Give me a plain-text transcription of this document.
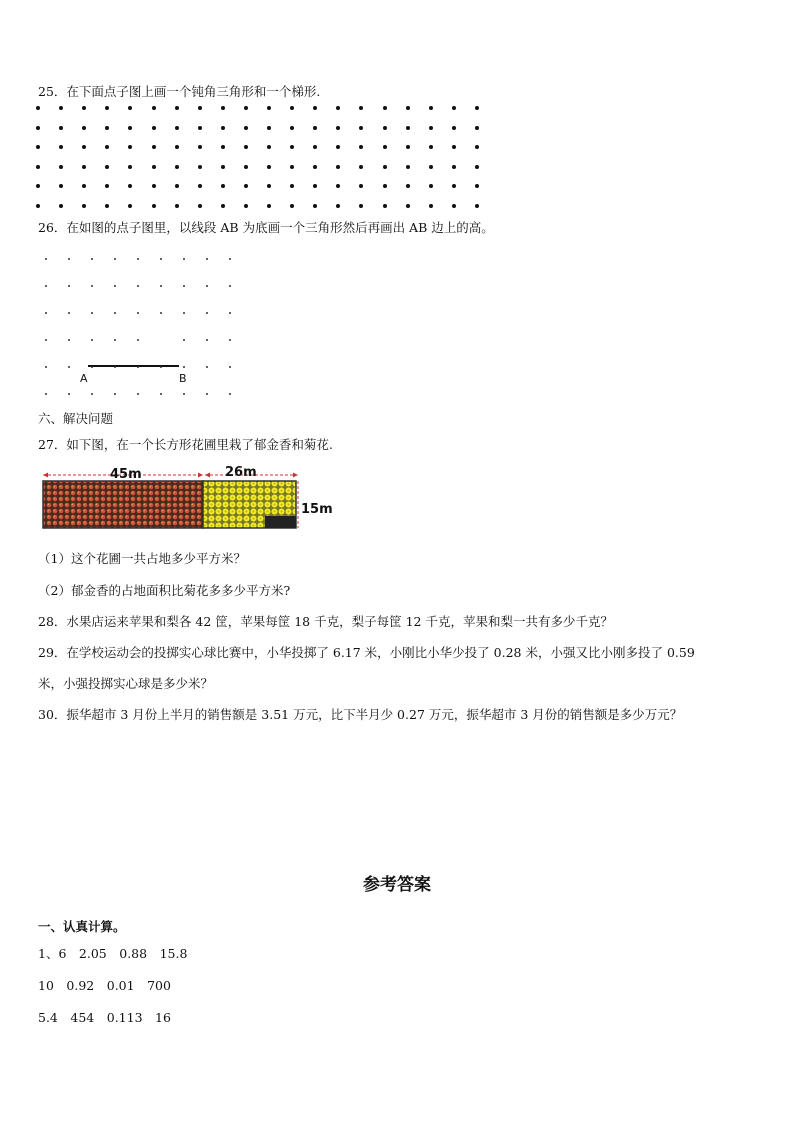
25．在下面点子图上画一个钝角三角形和一个梯形.
26．在如图的点子图里，以线段 AB 为底画一个三角形然后再画出 AB 边上的高。
A	B
六、解决问题
27．如下图，在一个长方形花圃里栽了郁金香和菊花.
45m	26m
15m
（1）这个花圃一共占地多少平方米？
（2）郁金香的占地面积比菊花多多少平方米?
28．水果店运来苹果和梨各 42 筐，苹果每筐 18 千克，梨子每筐 12 千克，苹果和梨一共有多少千克？
29．在学校运动会的投掷实心球比赛中，小华投掷了 6.17 米，小刚比小华少投了 0.28 米，小强又比小刚多投了 0.59
米，小强投掷实心球是多少米？
30．振华超市 3 月份上半月的销售额是 3.51 万元，比下半月少 0.27 万元，振华超市 3 月份的销售额是多少万元？
参考答案
一、认真计算。
1、6　2.05　0.88　15.8
10　0.92　0.01　700
5.4　454　0.113　16
